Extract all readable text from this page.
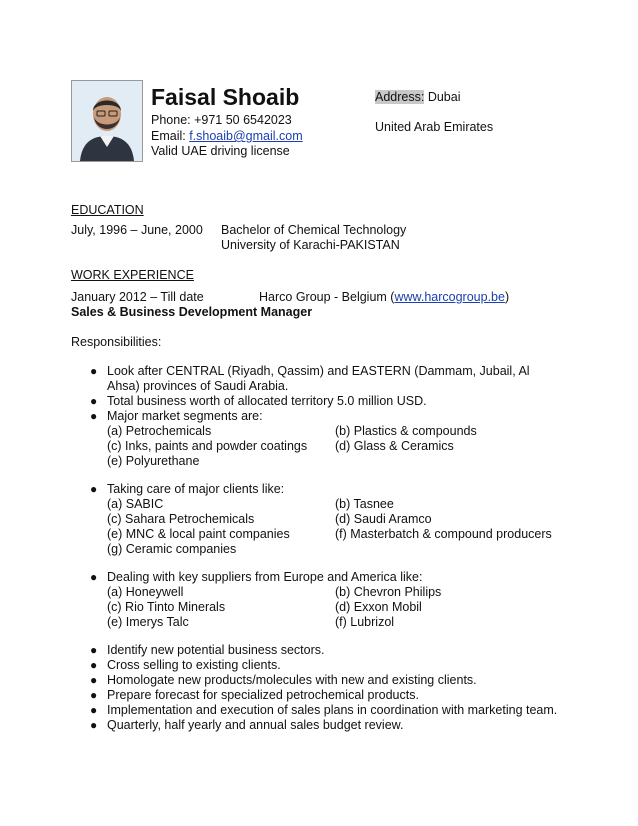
Faisal Shoaib
Phone: +971 50 6542023
Email: f.shoaib@gmail.com
Valid UAE driving license
Address: Dubai
United Arab Emirates
EDUCATION
July, 1996 – June, 2000 Bachelor of Chemical Technology
University of Karachi-PAKISTAN
WORK EXPERIENCE
January 2012 – Till date	Harco Group - Belgium (www.harcogroup.be)
Sales & Business Development Manager
Responsibilities:
● Look after CENTRAL (Riyadh, Qassim) and EASTERN (Dammam, Jubail, Al
Ahsa) provinces of Saudi Arabia.
● Total business worth of allocated territory 5.0 million USD.
● Major market segments are:
(a) Petrochemicals	(b) Plastics & compounds
(c) Inks, paints and powder coatings (d) Glass & Ceramics
(e) Polyurethane
● Taking care of major clients like:
(a) SABIC	(b) Tasnee
(c) Sahara Petrochemicals	(d) Saudi Aramco
(e) MNC & local paint companies	(f) Masterbatch & compound producers
(g) Ceramic companies
● Dealing with key suppliers from Europe and America like:
(a) Honeywell	(b) Chevron Philips
(c) Rio Tinto Minerals	(d) Exxon Mobil
(e) Imerys Talc	(f) Lubrizol
● Identify new potential business sectors.
● Cross selling to existing clients.
● Homologate new products/molecules with new and existing clients.
● Prepare forecast for specialized petrochemical products.
● Implementation and execution of sales plans in coordination with marketing team.
● Quarterly, half yearly and annual sales budget review.
